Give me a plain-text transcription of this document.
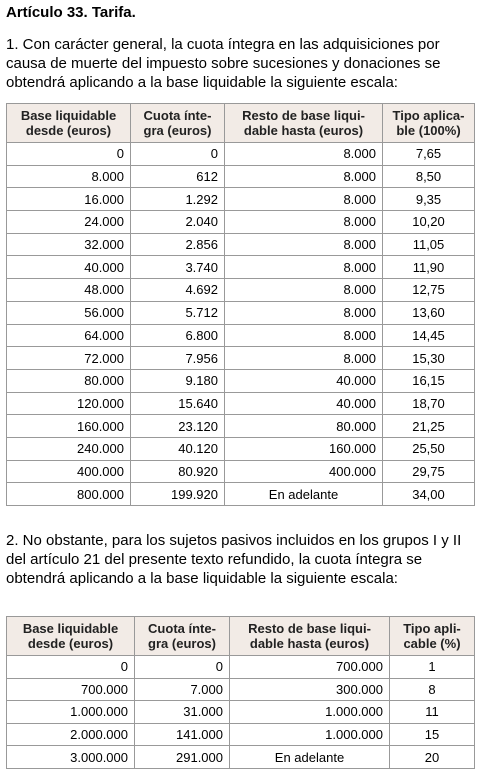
Artículo 33. Tarifa.

1. Con carácter general, la cuota íntegra en las adquisiciones por causa de muerte del impuesto sobre sucesiones y donaciones se obtendrá aplicando a la base liquidable la siguiente escala:

Base liquidable desde (euros)	Cuota ínte-gra (euros)	Resto de base liqui-dable hasta (euros)	Tipo aplica-ble (100%)
0	0	8.000	7,65
8.000	612	8.000	8,50
16.000	1.292	8.000	9,35
24.000	2.040	8.000	10,20
32.000	2.856	8.000	11,05
40.000	3.740	8.000	11,90
48.000	4.692	8.000	12,75
56.000	5.712	8.000	13,60
64.000	6.800	8.000	14,45
72.000	7.956	8.000	15,30
80.000	9.180	40.000	16,15
120.000	15.640	40.000	18,70
160.000	23.120	80.000	21,25
240.000	40.120	160.000	25,50
400.000	80.920	400.000	29,75
800.000	199.920	En adelante	34,00

2. No obstante, para los sujetos pasivos incluidos en los grupos I y II del artículo 21 del presente texto refundido, la cuota íntegra se obtendrá aplicando a la base liquidable la siguiente escala:

Base liquidable desde (euros)	Cuota ínte-gra (euros)	Resto de base liqui-dable hasta (euros)	Tipo apli-cable (%)
0	0	700.000	1
700.000	7.000	300.000	8
1.000.000	31.000	1.000.000	11
2.000.000	141.000	1.000.000	15
3.000.000	291.000	En adelante	20
